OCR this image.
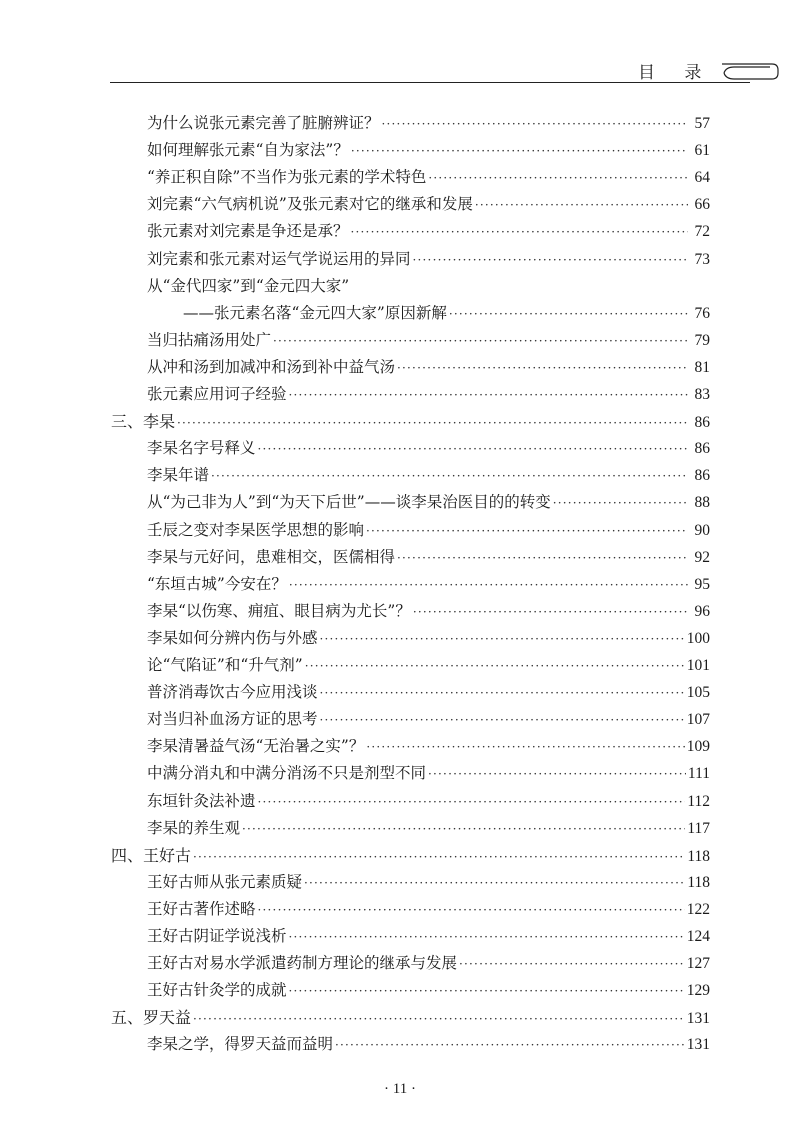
目 录
为什么说张元素完善了脏腑辨证？ ·····	57
如何理解张元素“自为家法”？ ·····	61
“养正积自除”不当作为张元素的学术特色 ·····	64
刘完素“六气病机说”及张元素对它的继承和发展 ·····	66
张元素对刘完素是争还是承？ ·····	72
刘完素和张元素对运气学说运用的异同 ·····	73
从“金代四家”到“金元四大家”
——张元素名落“金元四大家”原因新解 ·····	76
当归拈痛汤用处广 ·····	79
从冲和汤到加减冲和汤到补中益气汤 ·····	81
张元素应用诃子经验 ·····	83
三、李杲 ·····	86
李杲名字号释义 ·····	86
李杲年谱 ·····	86
从“为己非为人”到“为天下后世”——谈李杲治医目的的转变 ·····	88
壬辰之变对李杲医学思想的影响 ·····	90
李杲与元好问，患难相交，医儒相得 ·····	92
“东垣古城”今安在？ ·····	95
李杲“以伤寒、痈疽、眼目病为尤长”？ ·····	96
李杲如何分辨内伤与外感 ·····	100
论“气陷证”和“升气剂” ·····	101
普济消毒饮古今应用浅谈 ·····	105
对当归补血汤方证的思考 ·····	107
李杲清暑益气汤“无治暑之实”？ ·····	109
中满分消丸和中满分消汤不只是剂型不同 ·····	111
东垣针灸法补遗 ·····	112
李杲的养生观 ·····	117
四、王好古 ·····	118
王好古师从张元素质疑 ·····	118
王好古著作述略 ·····	122
王好古阴证学说浅析 ·····	124
王好古对易水学派遣药制方理论的继承与发展 ·····	127
王好古针灸学的成就 ·····	129
五、罗天益 ·····	131
李杲之学，得罗天益而益明 ·····	131
· 11 ·
